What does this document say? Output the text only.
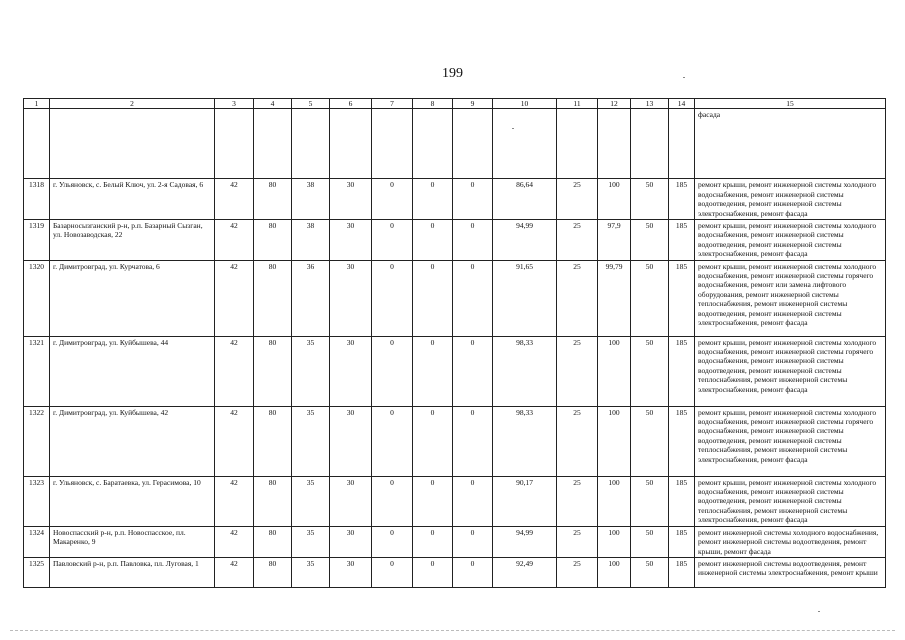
199
1	2	3	4	5	6	7	8	9	10	11	12	13	14	15
														фасада
1318	г. Ульяновск, с. Белый Ключ, ул. 2-я Садовая, 6	42	80	38	30	0	0	0	86,64	25	100	50	185	ремонт крыши, ремонт инженерной системы холодного водоснабжения, ремонт инженерной системы водоотведения, ремонт инженерной системы электроснабжения, ремонт фасада
1319	Базарносызганский р-н, р.п. Базарный Сызган, ул. Новозаводская, 22	42	80	38	30	0	0	0	94,99	25	97,9	50	185	ремонт крыши, ремонт инженерной системы холодного водоснабжения, ремонт инженерной системы водоотведения, ремонт инженерной системы электроснабжения, ремонт фасада
1320	г. Димитровград, ул. Курчатова, 6	42	80	36	30	0	0	0	91,65	25	99,79	50	185	ремонт крыши, ремонт инженерной системы холодного водоснабжения, ремонт инженерной системы горячего водоснабжения, ремонт или замена лифтового оборудования, ремонт инженерной системы теплоснабжения, ремонт инженерной системы водоотведения, ремонт инженерной системы электроснабжения, ремонт фасада
1321	г. Димитровград, ул. Куйбышева, 44	42	80	35	30	0	0	0	98,33	25	100	50	185	ремонт крыши, ремонт инженерной системы холодного водоснабжения, ремонт инженерной системы горячего водоснабжения, ремонт инженерной системы водоотведения, ремонт инженерной системы теплоснабжения, ремонт инженерной системы электроснабжения, ремонт фасада
1322	г. Димитровград, ул. Куйбышева, 42	42	80	35	30	0	0	0	98,33	25	100	50	185	ремонт крыши, ремонт инженерной системы холодного водоснабжения, ремонт инженерной системы горячего водоснабжения, ремонт инженерной системы водоотведения, ремонт инженерной системы теплоснабжения, ремонт инженерной системы электроснабжения, ремонт фасада
1323	г. Ульяновск, с. Баратаевка, ул. Герасимова, 10	42	80	35	30	0	0	0	90,17	25	100	50	185	ремонт крыши, ремонт инженерной системы холодного водоснабжения, ремонт инженерной системы водоотведения, ремонт инженерной системы теплоснабжения, ремонт инженерной системы электроснабжения, ремонт фасада
1324	Новоспасский р-н, р.п. Новоспасское, пл. Макаренко, 9	42	80	35	30	0	0	0	94,99	25	100	50	185	ремонт инженерной системы холодного водоснабжения, ремонт инженерной системы водоотведения, ремонт крыши, ремонт фасада
1325	Павловский р-н, р.п. Павловка, пл. Луговая, 1	42	80	35	30	0	0	0	92,49	25	100	50	185	ремонт инженерной системы водоотведения, ремонт инженерной системы электроснабжения, ремонт крыши
